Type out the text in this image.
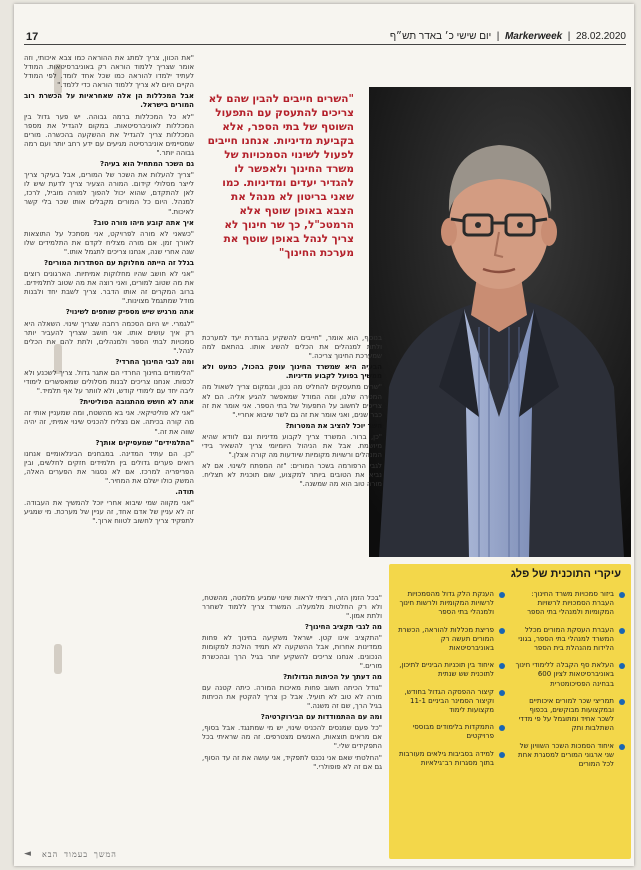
17	Markerweek  |  28.02.2020  |  יום שישי כ׳ באדר תש״ף

"את הכוון, צריך למתג את ההוראה כמו צבא איכותי, וזה אומר שצריך ללמוד הוראה רק באוניברסיטאות. המודל לעתיד ילמדו להוראה כמו שכל אחד לומד. לפי המודל הקיים היום לא צריך ללמוד הוראה כדי ללמד."

אבל המכללות הן אלה שאחראיות על הכשרת רוב המורים בישראל.

"לא כל המכללות ברמה גבוהה. יש פער גדול בין המכללות לאוניברסיטאות. במקום להגדיל את מספר המכללות צריך להגדיל את ההשקעה בהכשרה. מורים שמסיימים אוניברסיטה מגיעים עם ידע רחב יותר ועם רמה גבוהה יותר."

גם השכר המתחיל הוא בעיה?

"צריך להעלות את השכר של המורים, אבל בעיקר צריך לייצר מסלולי קידום. המורה הצעיר צריך לדעת שיש לו לאן להתקדם, שהוא יכול להפוך למורה מוביל, לרכז, למנהל. היום כל המורים מקבלים אותו שכר בלי קשר לאיכות."

איך אתה קובע מיהו מורה טוב?

"כשאני לא מורה לפרויקט, אני מסתכל על התוצאות לאורך זמן. אם מורה מצליח לקדם את התלמידים שלו שנה אחרי שנה, אנחנו צריכים לתגמל אותו."

בגלל זה הייתה מחלוקת עם הסתדרות המורים?

"אני לא חושב שהיו מחלוקות אמיתיות. הארגונים רוצים את מה שטוב למורים, ואני רוצה את מה שטוב לתלמידים. ברוב המקרים זה אותו הדבר. צריך לשבת יחד ולבנות מודל שמתגמל מצוינות."

אתה מרגיש שיש מספיק שותפים לשינוי?

"לגמרי. יש היום הסכמה רחבה שצריך שינוי. השאלה היא רק איך עושים אותו. אני חושב שצריך להעביר יותר סמכויות לבתי הספר ולמנהלים, ולתת להם את הכלים לנהל."

ומה לגבי החינוך החרדי?

"הלימודים בחינוך החרדי הם אתגר גדול. צריך לשכנע ולא לכפות. אנחנו צריכים לבנות מסלולים שמאפשרים לימודי ליבה יחד עם לימודי קודש, ולא לוותר על אף תלמיד."

אתה לא חושש מהתגובה הפוליטית?

"אני לא פוליטיקאי. אני בא מהשטח, ומה שמעניין אותי זה מה קורה בכיתה. אם נצליח להכניס שינוי אמיתי, זה יהיה שווה את זה."

"התלמידים" שמעסיקים אותך?

"כן. הם עתיד המדינה. במבחנים הבינלאומיים אנחנו רואים פערים גדולים בין תלמידים חזקים לחלשים, ובין הפריפריה למרכז. אם לא נסגור את הפערים האלה, המשק כולו ישלם את המחיר."

תודה.

"אני מקווה שמי שיבוא אחרי יוכל להמשיך את העבודה. זה לא עניין של אדם אחד, זה עניין של מערכת. מי שמגיע לתפקיד צריך לחשוב לטווח ארוך."

"השרים חייבים להבין שהם לא צריכים להתעסק עם התפעול השוטף של בתי הספר, אלא בקביעת מדיניות. אנחנו חייבים לפעול לשינוי הסמכויות של משרד החינוך ולאפשר לו להגדיר יעדים ומדיניות. כמו שאני בריטון לא מנהל את הצבא באופן שוטף אלא הרמטכ"ל, כך שר חינוך לא צריך לנהל באופן שוטף את מערכת החינוך"

בנוסף, הוא אומר, "חייבים להשקיע בהגדרת יעד למערכת ולתת למנהלים את הכלים להשיג אותו. בהתאם למה שמערכת החינוך צריכה."

הבעיה היא שמשרד החינוך עוסק בהכול, כמעט ולא ממשיך בפועל לקבוע מדיניות.

"שרים מתעסקים להחליט מה נכון, ובמקום צריך לשאול מה המטרה שלנו, ומה המודל שמאפשר להגיע אליה. הם לא צריכים לחשוב על התפעול של בתי הספר. אני אומר את זה כבר שנים, ואני אומר את זה גם לשר שיבוא אחריי."

השר יוכל להציב את המטרות?

"כן, ברור. המשרד צריך לקבוע מדיניות וגם לוודא שהיא מיושמת. אבל את הניהול היומיומי צריך להשאיר בידי המנהלים ורשויות מקומיות שיודעות מה קורה אצלן."

לגבי הרפורמה בשכר המורים: "זה המפתח לשינוי. אם לא נביא את הטובים ביותר למקצוע, שום תוכנית לא תצליח. מורה טוב הוא מה שמשנה."

"בכל הזמן הזה, רציתי לראות שינוי שמגיע מלמטה, מהשטח, ולא רק החלטות מלמעלה. המשרד צריך ללמוד לשחרר ולתת אמון."

מה לגבי תקציב החינוך?

"התקציב אינו קטן. ישראל משקיעה בחינוך לא פחות ממדינות אחרות, אבל ההשקעה לא תמיד הולכת למקומות הנכונים. אנחנו צריכים להשקיע יותר בגיל הרך ובהכשרת מורים."

מה דעתך על הכיתות הגדולות?

"גודל הכיתה חשוב פחות מאיכות המורה. כיתה קטנה עם מורה לא טוב לא תועיל. אבל כן צריך להקטין את הכיתות בגיל הרך, שם זה משנה."

ומה עם ההתמודדות עם הבירוקרטיה?

"כל פעם שמנסים להכניס שינוי, יש מי שמתנגד. אבל בסוף, אם מראים תוצאות, האנשים מצטרפים. זה מה שראיתי בכל התפקידים שלי."

"החלטתי שאם אני נכנס לתפקיד, אני עושה את זה עד הסוף, גם אם זה לא פופולרי."

עיקרי התוכנית של פלג
ביזור סמכויות משרד החינוך: העברת הסמכויות לרשויות המקומיות ולמנהלי בתי הספר
העברת העסקת המורים מכלל המשרד למנהלי בתי הספר, בגוני הלידות מהנהלת בית הספר
העלאת סף הקבלה ללימודי חינוך באוניברסיטאות לציון 600 בבחינה הפסיכומטרית
תמריצי שכר למורים איכותיים ובמקצועות מבוקשים, בכפוף לשכר אחיד ומתוגמל על פי מדדי השתלבות ותק
איחוד הסמכות השכר השוויון של שני ארגוני המורים למסגרת אחת לכל המורים
הענקת הלק גדול מהסמכויות לרשויות המקומיות ולרשות חינוך ולמנהלי בתי הספר
פריצת מכללות להוראה, הכשרת המורים תעשה רק באוניברסיטאות
איחוד בין תוכניות הביניים לתיכון, לתוכנית שש שנתית
קיצור ההפסקה הגדול בחודש, וקיצור הסמינר הביניים 11-1 מקצועות לימוד
התמקדות בלימודים מבוססי פרויקטים
למידה בסביבות גילאים מעורבות בתוך מסגרות רב־גילאיות
◄ המשך בעמוד הבא
